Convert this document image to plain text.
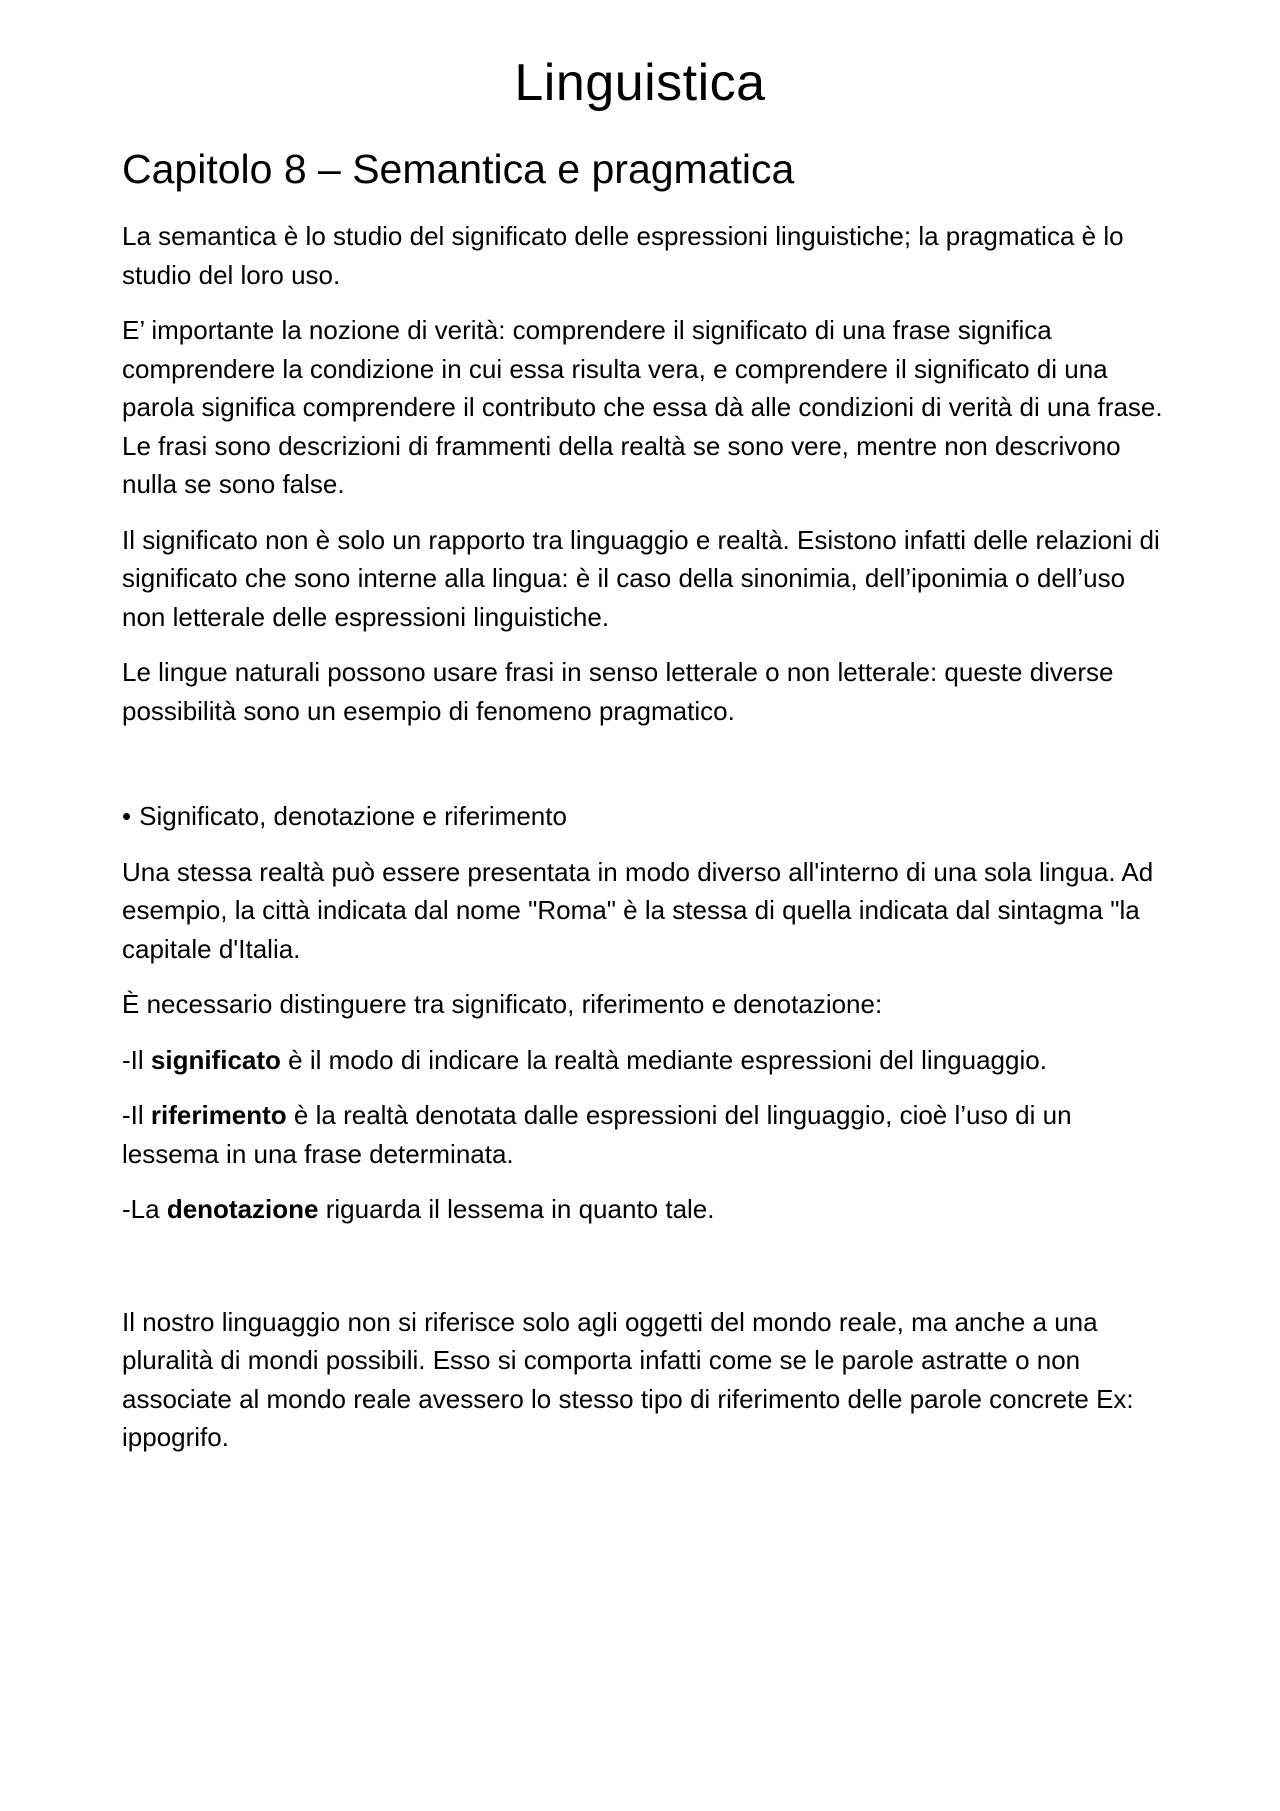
Linguistica
Capitolo 8 – Semantica e pragmatica

La semantica è lo studio del significato delle espressioni linguistiche; la pragmatica è lo studio del loro uso.

E’ importante la nozione di verità: comprendere il significato di una frase significa comprendere la condizione in cui essa risulta vera, e comprendere il significato di una parola significa comprendere il contributo che essa dà alle condizioni di verità di una frase. Le frasi sono descrizioni di frammenti della realtà se sono vere, mentre non descrivono nulla se sono false.

Il significato non è solo un rapporto tra linguaggio e realtà. Esistono infatti delle relazioni di significato che sono interne alla lingua: è il caso della sinonimia, dell’iponimia o dell’uso non letterale delle espressioni linguistiche.

Le lingue naturali possono usare frasi in senso letterale o non letterale: queste diverse possibilità sono un esempio di fenomeno pragmatico.

• Significato, denotazione e riferimento

Una stessa realtà può essere presentata in modo diverso all'interno di una sola lingua. Ad esempio, la città indicata dal nome "Roma" è la stessa di quella indicata dal sintagma "la capitale d'Italia.

È necessario distinguere tra significato, riferimento e denotazione:

-Il significato è il modo di indicare la realtà mediante espressioni del linguaggio.

-Il riferimento è la realtà denotata dalle espressioni del linguaggio, cioè l’uso di un lessema in una frase determinata.

-La denotazione riguarda il lessema in quanto tale.

Il nostro linguaggio non si riferisce solo agli oggetti del mondo reale, ma anche a una pluralità di mondi possibili. Esso si comporta infatti come se le parole astratte o non associate al mondo reale avessero lo stesso tipo di riferimento delle parole concrete Ex: ippogrifo.
